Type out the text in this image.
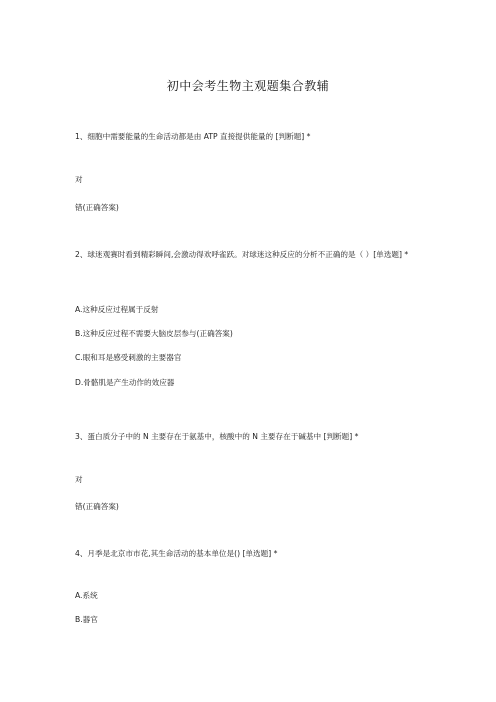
初中会考生物主观题集合教辅
1、细胞中需要能量的生命活动都是由 ATP 直接提供能量的 [判断题] *
对
错(正确答案)
2、球迷观赛时看到精彩瞬间,会激动得欢呼雀跃。对球迷这种反应的分析不正确的是（ ）[单选题] *
A.这种反应过程属于反射
B.这种反应过程不需要大脑皮层参与(正确答案)
C.眼和耳是感受刺激的主要器官
D.骨骼肌是产生动作的效应器
3、蛋白质分子中的 N 主要存在于氨基中，核酸中的 N 主要存在于碱基中 [判断题] *
对
错(正确答案)
4、月季是北京市市花,其生命活动的基本单位是() [单选题] *
A.系统
B.器官
